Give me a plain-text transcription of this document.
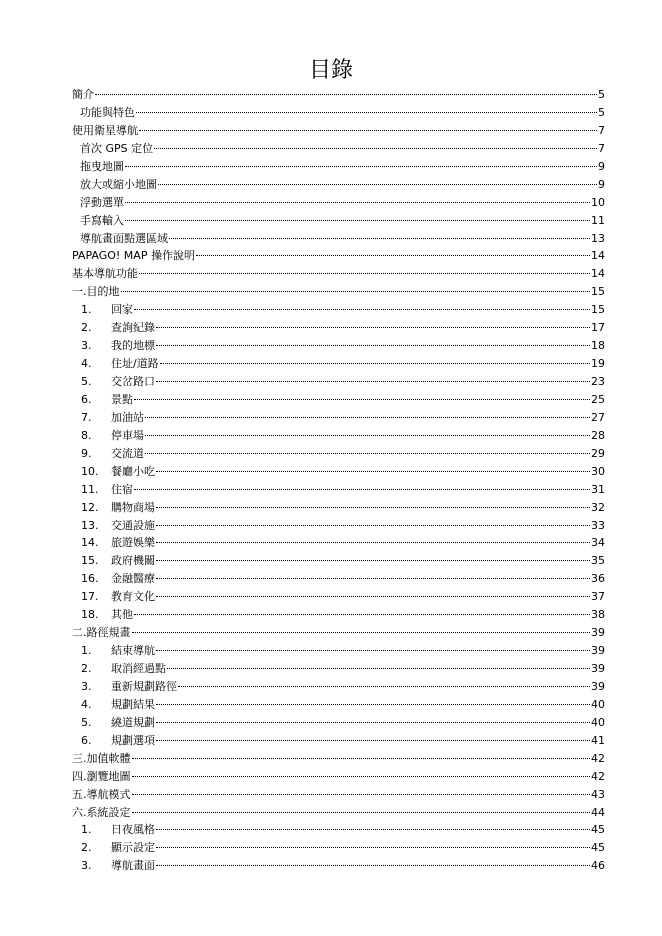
目錄
簡介	5
功能與特色	5
使用衛星導航	7
首次 GPS 定位	7
拖曳地圖	9
放大或縮小地圖	9
浮動選單	10
手寫輸入	11
導航畫面點選區域	13
PAPAGO! MAP 操作說明	14
基本導航功能	14
一.目的地	15
1.	回家	15
2.	查詢紀錄	17
3.	我的地標	18
4.	住址/道路	19
5.	交岔路口	23
6.	景點	25
7.	加油站	27
8.	停車場	28
9.	交流道	29
10.	餐廳小吃	30
11.	住宿	31
12.	購物商場	32
13.	交通設施	33
14.	旅遊娛樂	34
15.	政府機關	35
16.	金融醫療	36
17.	教育文化	37
18.	其他	38
二.路徑規畫	39
1.	結束導航	39
2.	取消經過點	39
3.	重新規劃路徑	39
4.	規劃結果	40
5.	繞道規劃	40
6.	規劃選項	41
三.加值軟體	42
四.瀏覽地圖	42
五.導航模式	43
六.系統設定	44
1.	日夜風格	45
2.	顯示設定	45
3.	導航畫面	46
